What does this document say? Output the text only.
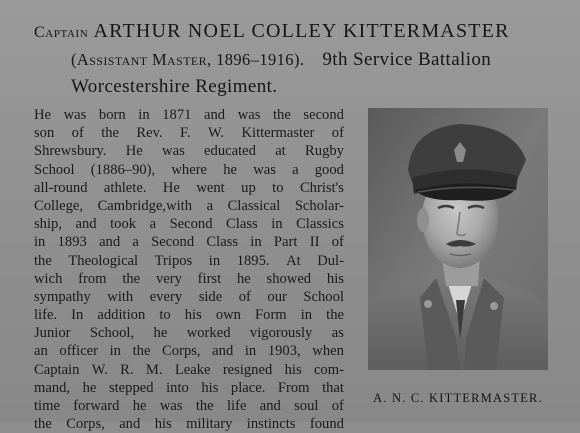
Captain ARTHUR NOEL COLLEY KITTERMASTER
(Assistant Master, 1896–1916). 9th Service Battalion
Worcestershire Regiment.
He was born in 1871 and was the second
son of the Rev. F. W. Kittermaster of
Shrewsbury. He was educated at Rugby
School (1886–90), where he was a good
all-round athlete. He went up to Christ's
College, Cambridge,with a Classical Scholar-
ship, and took a Second Class in Classics
in 1893 and a Second Class in Part II of
the Theological Tripos in 1895. At Dul-
wich from the very first he showed his
sympathy with every side of our School
life. In addition to his own Form in the
Junior School, he worked vigorously as
an officer in the Corps, and in 1903, when
Captain W. R. M. Leake resigned his com-
mand, he stepped into his place. From that
time forward he was the life and soul of
the Corps, and his military instincts found
A. N. C. KITTERMASTER.
